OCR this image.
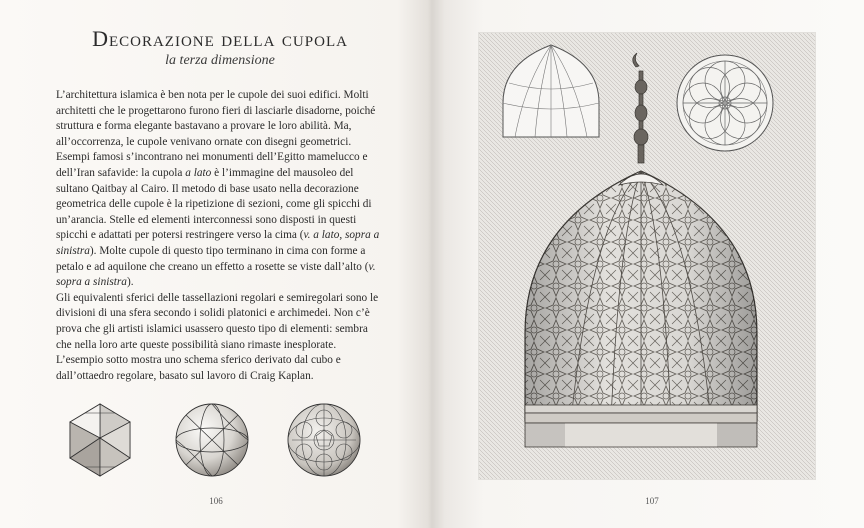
Decorazione della cupola
la terza dimensione

L’architettura islamica è ben nota per le cupole dei suoi edifici. Molti architetti che le progettarono furono fieri di lasciarle disadorne, poiché struttura e forma elegante bastavano a provare le loro abilità. Ma, all’occorrenza, le cupole venivano ornate con disegni geometrici. Esempi famosi s’incontrano nei monumenti dell’Egitto mamelucco e dell’Iran safavide: la cupola a lato è l’immagine del mausoleo del sultano Qaitbay al Cairo. Il metodo di base usato nella decorazione geometrica delle cupole è la ripetizione di sezioni, come gli spicchi di un’arancia. Stelle ed elementi interconnessi sono disposti in questi spicchi e adattati per potersi restringere verso la cima (v. a lato, sopra a sinistra). Molte cupole di questo tipo terminano in cima con forme a petalo e ad aquilone che creano un effetto a rosette se viste dall’alto (v. sopra a sinistra).

Gli equivalenti sferici delle tassellazioni regolari e semiregolari sono le divisioni di una sfera secondo i solidi platonici e archimedei. Non c’è prova che gli artisti islamici usassero questo tipo di elementi: sembra che nella loro arte queste possibilità siano rimaste inesplorate. L’esempio sotto mostra uno schema sferico derivato dal cubo e dall’ottaedro regolare, basato sul lavoro di Craig Kaplan.

106	107
